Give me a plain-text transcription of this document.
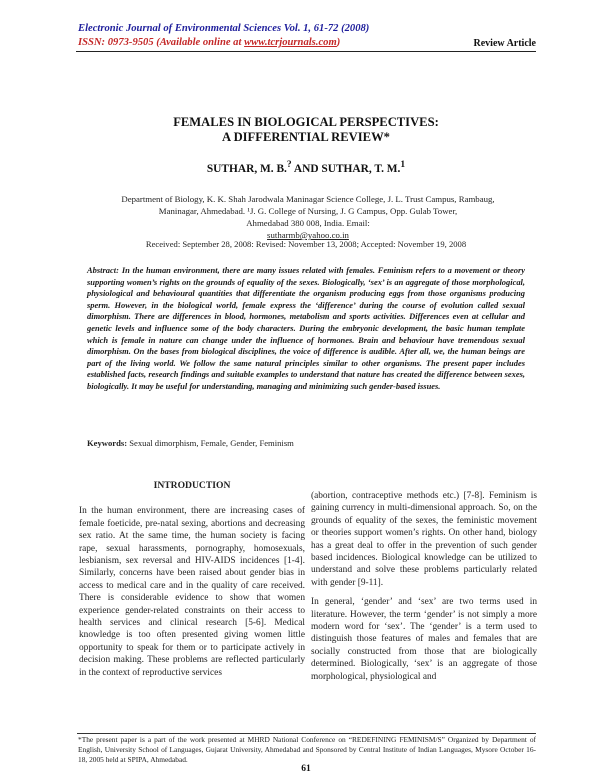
Electronic Journal of Environmental Sciences Vol. 1, 61-72 (2008)
ISSN: 0973-9505 (Available online at www.tcrjournals.com)	Review Article
FEMALES IN BIOLOGICAL PERSPECTIVES:
A DIFFERENTIAL REVIEW*
SUTHAR, M. B.? AND SUTHAR, T. M.$^1$
Department of Biology, K. K. Shah Jarodwala Maninagar Science College, J. L. Trust Campus, Rambaug,
Maninagar, Ahmedabad. ¹J. G. College of Nursing, J. G Campus, Opp. Gulab Tower,
Ahmedabad 380 008, India. Email:
sutharmb@yahoo.co.in
Received: September 28, 2008: Revised: November 13, 2008; Accepted: November 19, 2008
Abstract: In the human environment, there are many issues related with females. Feminism refers to a movement or theory supporting women’s rights on the grounds of equality of the sexes. Biologically, ‘sex’ is an aggregate of those morphological, physiological and behavioural quantities that differentiate the organism producing eggs from those organisms producing sperm. However, in the biological world, female express the ‘difference’ during the course of evolution called sexual dimorphism. There are differences in blood, hormones, metabolism and sports activities. Differences even at cellular and genetic levels and influence some of the body characters. During the embryonic development, the basic human template which is female in nature can change under the influence of hormones. Brain and behaviour have tremendous sexual dimorphism. On the bases from biological disciplines, the voice of difference is audible. After all, we, the human beings are part of the living world. We follow the same natural principles similar to other organisms. The present paper includes established facts, research findings and suitable examples to understand that nature has created the difference between sexes, biologically. It may be useful for understanding, managing and minimizing such gender-based issues.
Keywords: Sexual dimorphism, Female, Gender, Feminism
INTRODUCTION

In the human environment, there are increasing cases of female foeticide, pre-natal sexing, abortions and decreasing sex ratio. At the same time, the human society is facing rape, sexual harassments, pornography, homosexuals, lesbianism, sex reversal and HIV-AIDS incidences [1-4]. Similarly, concerns have been raised about gender bias in access to medical care and in the quality of care received. There is considerable evidence to show that women experience gender-related constraints on their access to health services and clinical research [5-6]. Medical knowledge is too often presented giving women little opportunity to speak for them or to participate actively in decision making. These problems are reflected particularly in the context of reproductive services

(abortion, contraceptive methods etc.) [7-8]. Feminism is gaining currency in multi-dimensional approach. So, on the grounds of equality of the sexes, the feministic movement or theories support women’s rights. On other hand, biology has a great deal to offer in the prevention of such gender based incidences. Biological knowledge can be utilized to understand and solve these problems particularly related with gender [9-11].

In general, ‘gender’ and ‘sex’ are two terms used in literature. However, the term ‘gender’ is not simply a more modern word for ‘sex’. The ‘gender’ is a term used to distinguish those features of males and females that are socially constructed from those that are biologically determined. Biologically, ‘sex’ is an aggregate of those morphological, physiological and

*The present paper is a part of the work presented at MHRD National Conference on “REDEFINING FEMINISM/S” Organized by Department of English, University School of Languages, Gujarat University, Ahmedabad and Sponsored by Central Institute of Indian Languages, Mysore October 16-18, 2005 held at SPIPA, Ahmedabad.
61
